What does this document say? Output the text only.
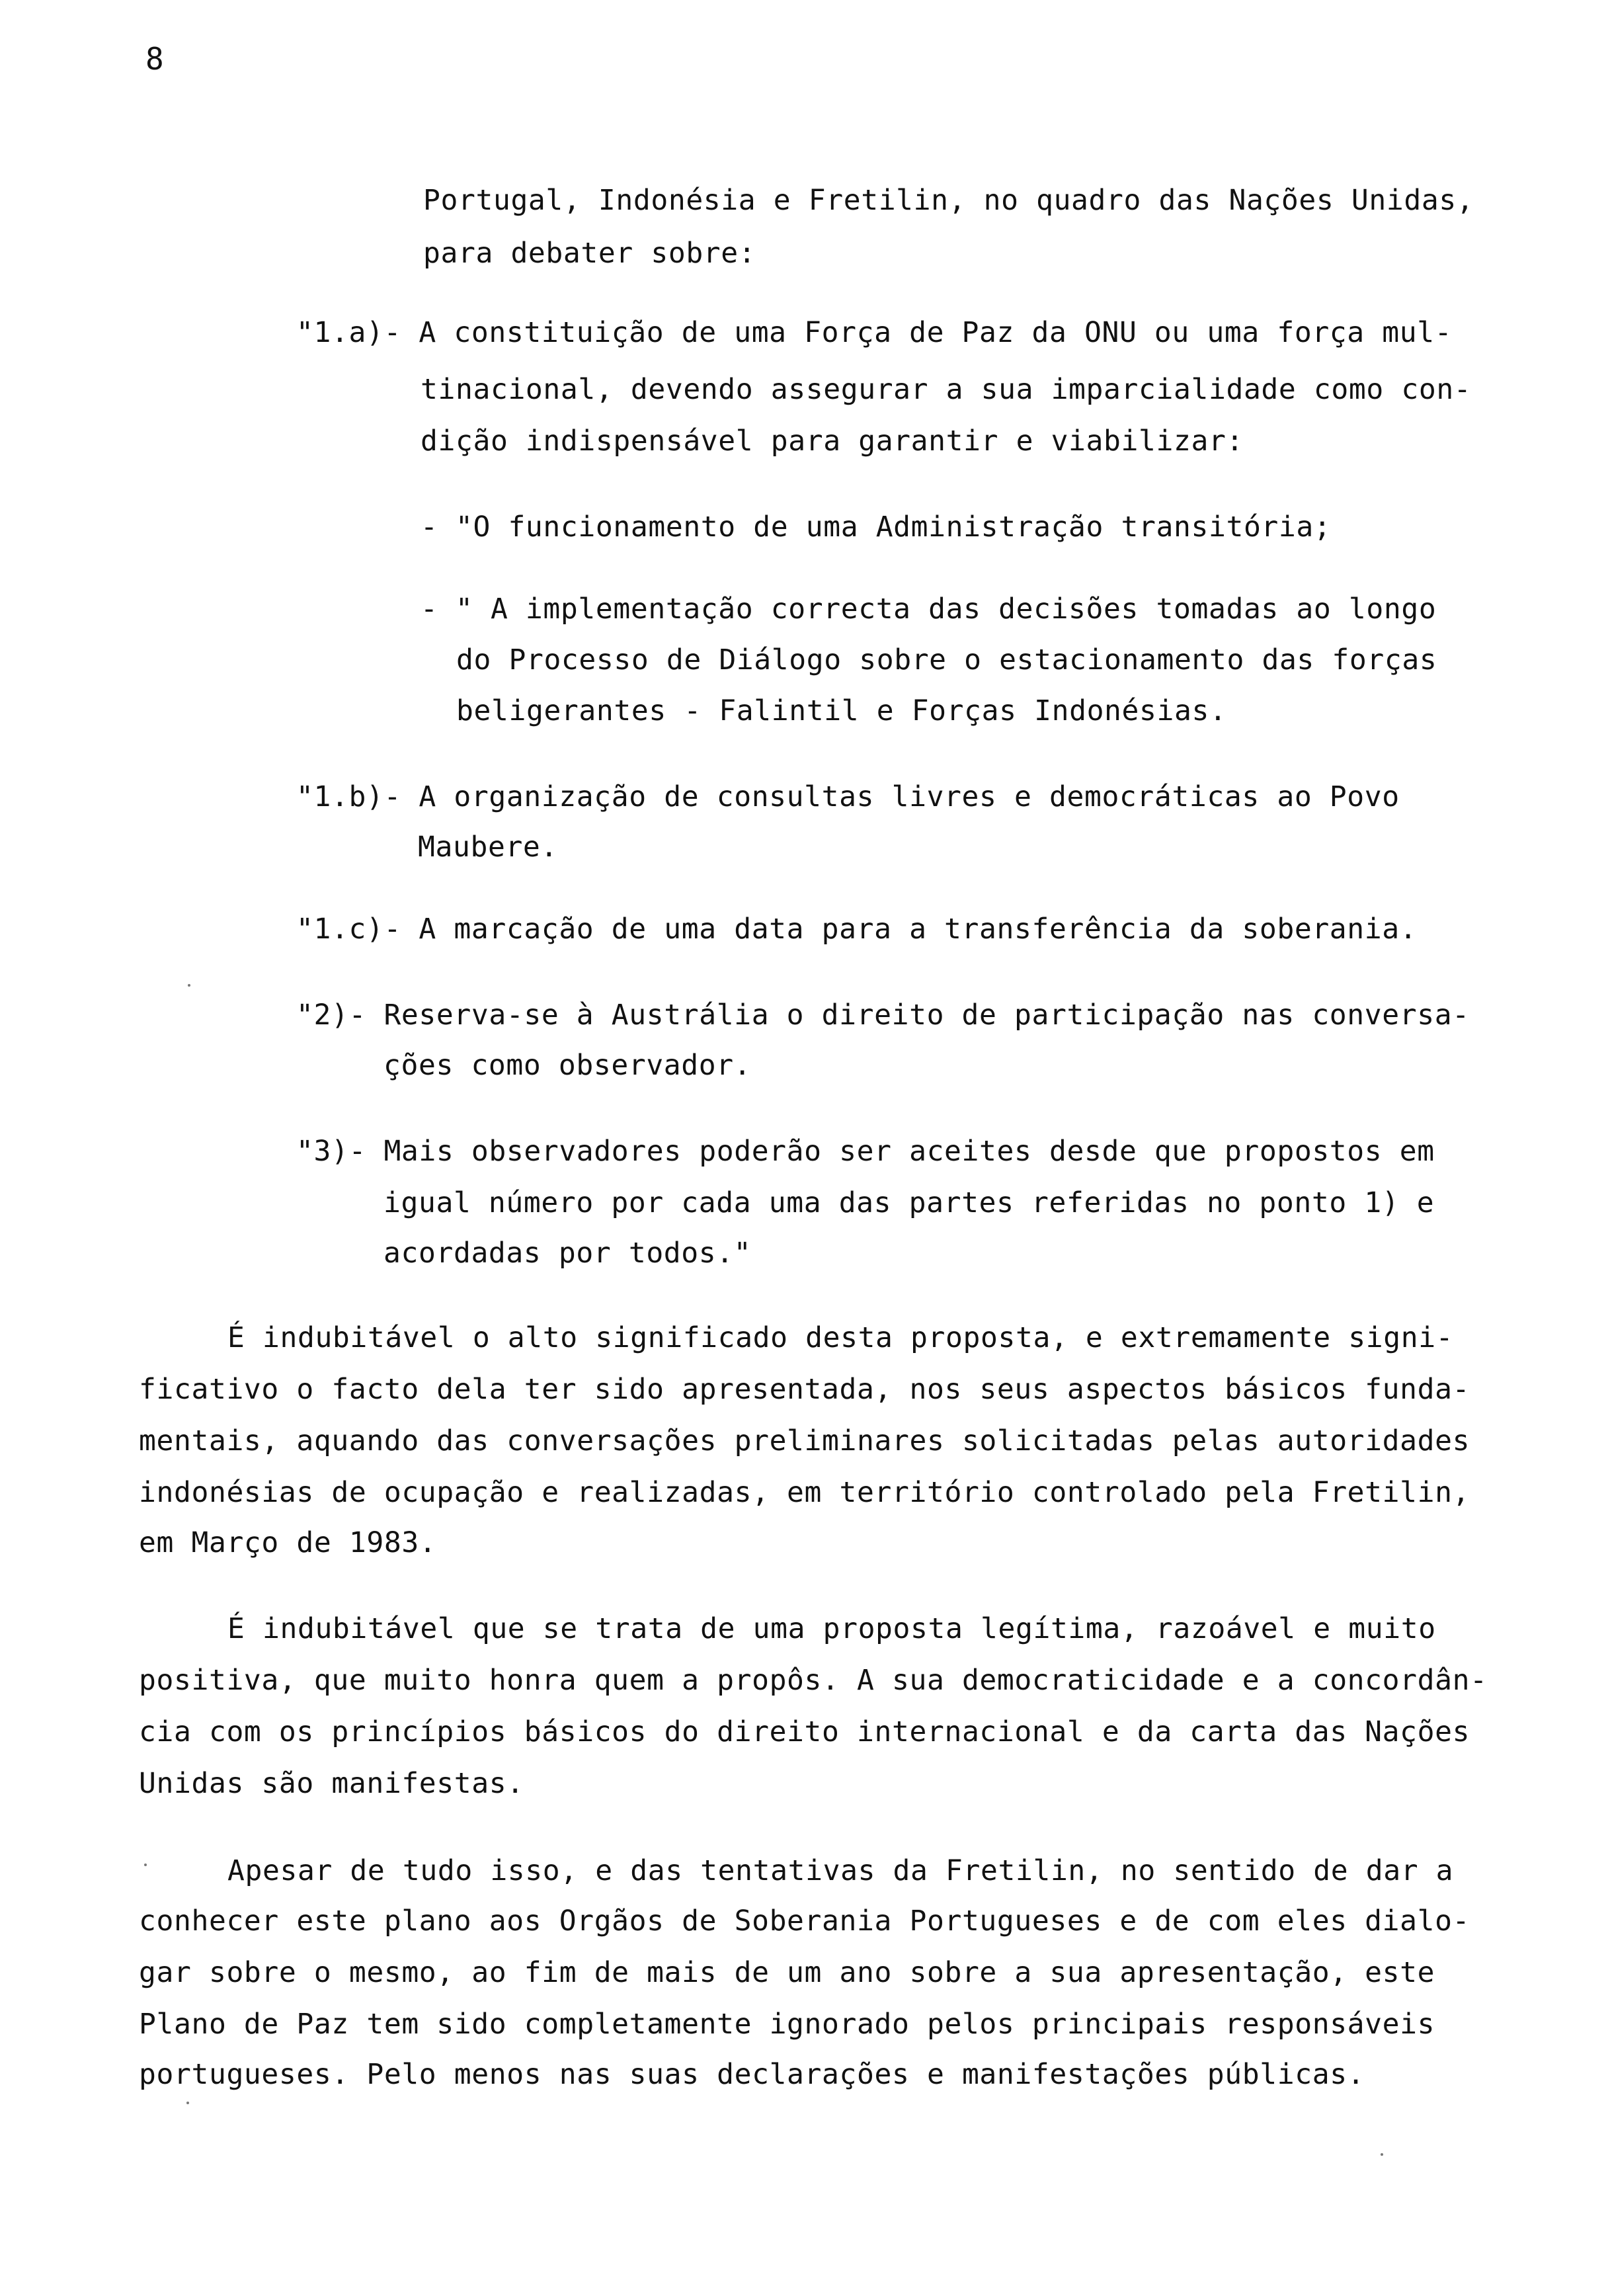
8
Portugal, Indonésia e Fretilin, no quadro das Nações Unidas,
para debater sobre:
"1.a)- A constituição de uma Força de Paz da ONU ou uma força mul-
tinacional, devendo assegurar a sua imparcialidade como con-
dição indispensável para garantir e viabilizar:
- "O funcionamento de uma Administração transitória;
- " A implementação correcta das decisões tomadas ao longo
do Processo de Diálogo sobre o estacionamento das forças
beligerantes - Falintil e Forças Indonésias.
"1.b)- A organização de consultas livres e democráticas ao Povo
Maubere.
"1.c)- A marcação de uma data para a transferência da soberania.
"2)- Reserva-se à Austrália o direito de participação nas conversa-
ções como observador.
"3)- Mais observadores poderão ser aceites desde que propostos em
igual número por cada uma das partes referidas no ponto 1) e
acordadas por todos."
É indubitável o alto significado desta proposta, e extremamente signi-
ficativo o facto dela ter sido apresentada, nos seus aspectos básicos funda-
mentais, aquando das conversações preliminares solicitadas pelas autoridades
indonésias de ocupação e realizadas, em território controlado pela Fretilin,
em Março de 1983.
É indubitável que se trata de uma proposta legítima, razoável e muito
positiva, que muito honra quem a propôs. A sua democraticidade e a concordân-
cia com os princípios básicos do direito internacional e da carta das Nações
Unidas são manifestas.
Apesar de tudo isso, e das tentativas da Fretilin, no sentido de dar a
conhecer este plano aos Orgãos de Soberania Portugueses e de com eles dialo-
gar sobre o mesmo, ao fim de mais de um ano sobre a sua apresentação, este
Plano de Paz tem sido completamente ignorado pelos principais responsáveis
portugueses. Pelo menos nas suas declarações e manifestações públicas.
